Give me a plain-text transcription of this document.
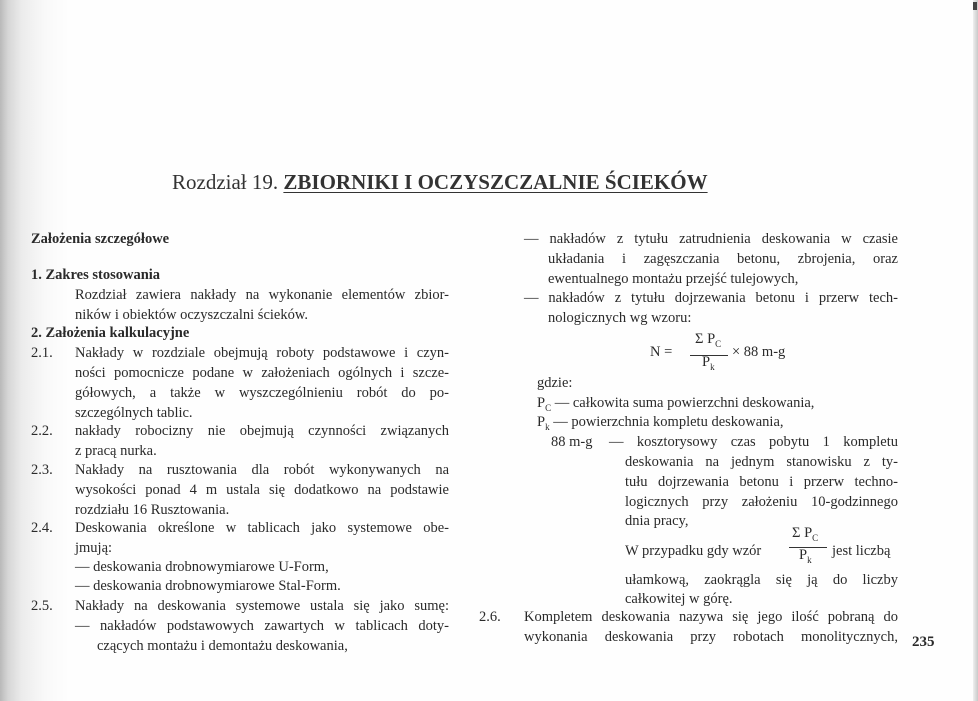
Rozdział 19. ZBIORNIKI I OCZYSZCZALNIE ŚCIEKÓW
Założenia szczegółowe
1. Zakres stosowania
Rozdział zawiera nakłady na wykonanie elementów zbior-
ników i obiektów oczyszczalni ścieków.
2. Założenia kalkulacyjne
2.1. Nakłady w rozdziale obejmują roboty podstawowe i czyn-
ności pomocnicze podane w założeniach ogólnych i szcze-
gółowych, a także w wyszczególnieniu robót do po-
szczególnych tablic.
2.2. nakłady robocizny nie obejmują czynności związanych
z pracą nurka.
2.3. Nakłady na rusztowania dla robót wykonywanych na
wysokości ponad 4 m ustala się dodatkowo na podstawie
rozdziału 16 Rusztowania.
2.4. Deskowania określone w tablicach jako systemowe obe-
jmują:
— deskowania drobnowymiarowe U-Form,
— deskowania drobnowymiarowe Stal-Form.
2.5. Nakłady na deskowania systemowe ustala się jako sumę:
— nakładów podstawowych zawartych w tablicach doty-
czących montażu i demontażu deskowania,
— nakładów z tytułu zatrudnienia deskowania w czasie
układania i zagęszczania betonu, zbrojenia, oraz
ewentualnego montażu przejść tulejowych,
— nakładów z tytułu dojrzewania betonu i przerw tech-
nologicznych wg wzoru:
N =
Σ $P_C$
$P_k$
× 88 m-g
gdzie:
$P_C$ — całkowita suma powierzchni deskowania,
$P_k$ — powierzchnia kompletu deskowania,
88 m-g — kosztorysowy czas pobytu 1 kompletu
deskowania na jednym stanowisku z ty-
tułu dojrzewania betonu i przerw techno-
logicznych przy założeniu 10-godzinnego
dnia pracy,
W przypadku gdy wzór
Σ $P_C$
$P_k$
jest liczbą
ułamkową, zaokrągla się ją do liczby
całkowitej w górę.
2.6. Kompletem deskowania nazywa się jego ilość pobraną do
wykonania deskowania przy robotach monolitycznych, 235
